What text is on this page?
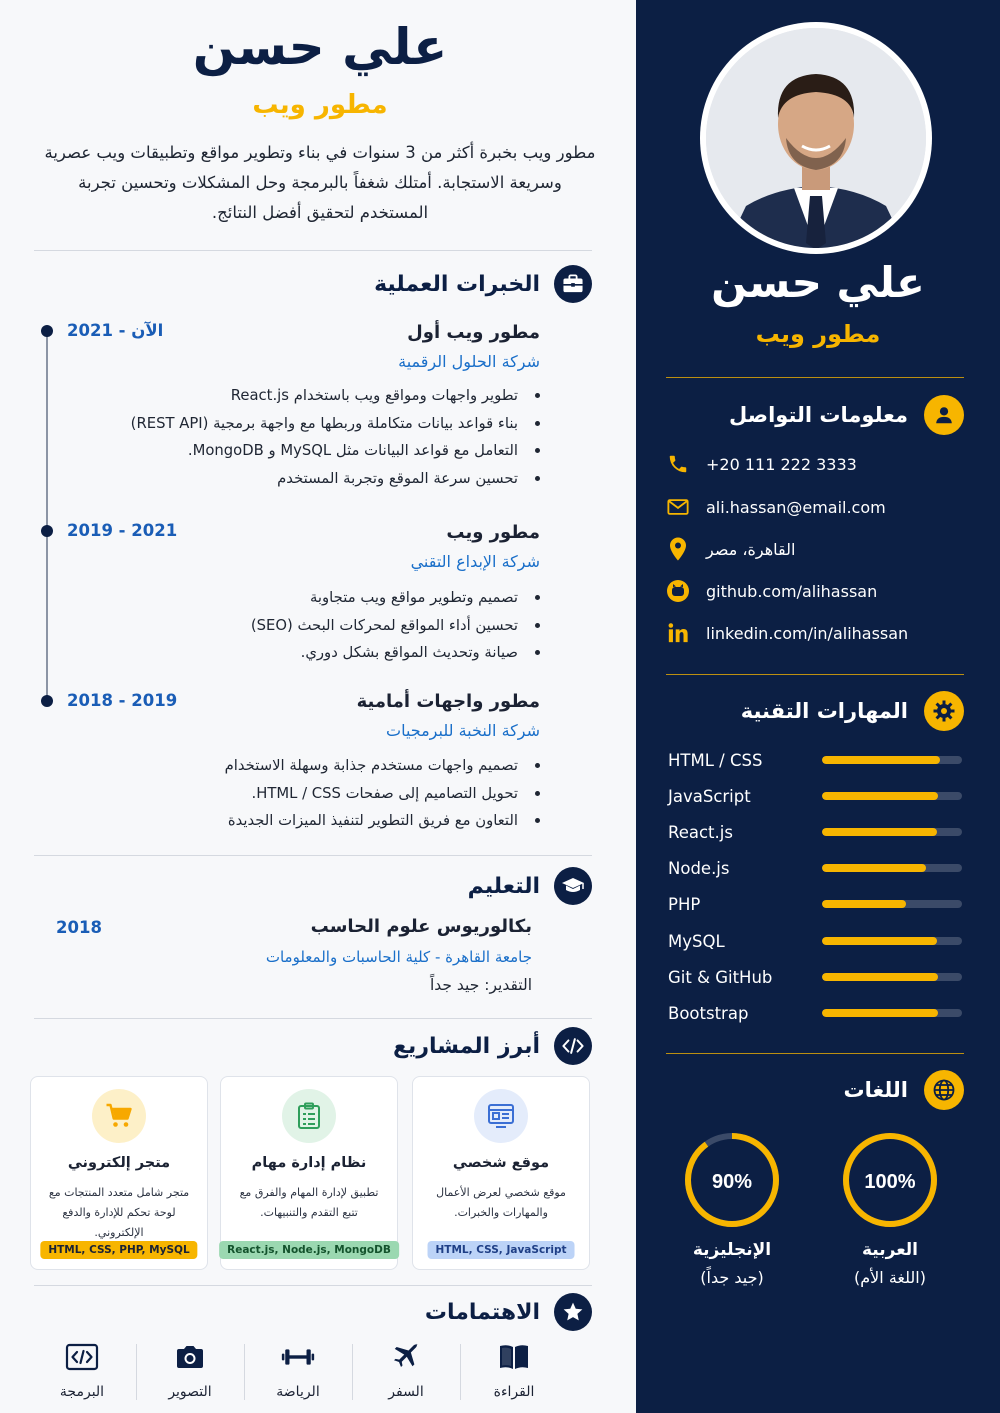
علي حسن
مطور ويب
معلومات التواصل
+20 111 222 3333
ali.hassan@email.com
القاهرة، مصر
github.com/alihassan
linkedin.com/in/alihassan
المهارات التقنية
HTML / CSS
JavaScript
React.js
Node.js
PHP
MySQL
Git & GitHub
Bootstrap
اللغات
100%
العربية
(اللغة الأم)
90%
الإنجليزية
(جيد جداً)
علي حسن
مطور ويب

مطور ويب بخبرة أكثر من 3 سنوات في بناء وتطوير مواقع وتطبيقات ويب عصرية وسريعة الاستجابة. أمتلك شغفاً بالبرمجة وحل المشكلات وتحسين تجربة المستخدم لتحقيق أفضل النتائج.

الخبرات العملية
2021 - الآن	مطور ويب أول
شركة الحلول الرقمية
تطوير واجهات ومواقع ويب باستخدام React.js
بناء قواعد بيانات متكاملة وربطها مع واجهة برمجية (REST API)
التعامل مع قواعد البيانات مثل MySQL و MongoDB.
تحسين سرعة الموقع وتجربة المستخدم
2019 - 2021	مطور ويب
شركة الإبداع التقني
تصميم وتطوير مواقع ويب متجاوبة
تحسين أداء المواقع لمحركات البحث (SEO)
صيانة وتحديث المواقع بشكل دوري.
2018 - 2019	مطور واجهات أمامية
شركة النخبة للبرمجيات
تصميم واجهات مستخدم جذابة وسهلة الاستخدام
تحويل التصاميم إلى صفحات HTML / CSS.
التعاون مع فريق التطوير لتنفيذ الميزات الجديدة
التعليم
2018	بكالوريوس علوم الحاسب
جامعة القاهرة - كلية الحاسبات والمعلومات
التقدير: جيد جداً
أبرز المشاريع
موقع شخصي
موقع شخصي لعرض الأعمال والمهارات والخبرات.
HTML, CSS, JavaScript
نظام إدارة مهام
تطبيق لإدارة المهام والفرق مع تتبع التقدم والتنبيهات.
React.js, Node.js, MongoDB
متجر إلكتروني
متجر شامل متعدد المنتجات مع لوحة تحكم للإدارة والدفع الإلكتروني.
HTML, CSS, PHP, MySQL
الاهتمامات
القراءة
السفر
الرياضة
التصوير
البرمجة
